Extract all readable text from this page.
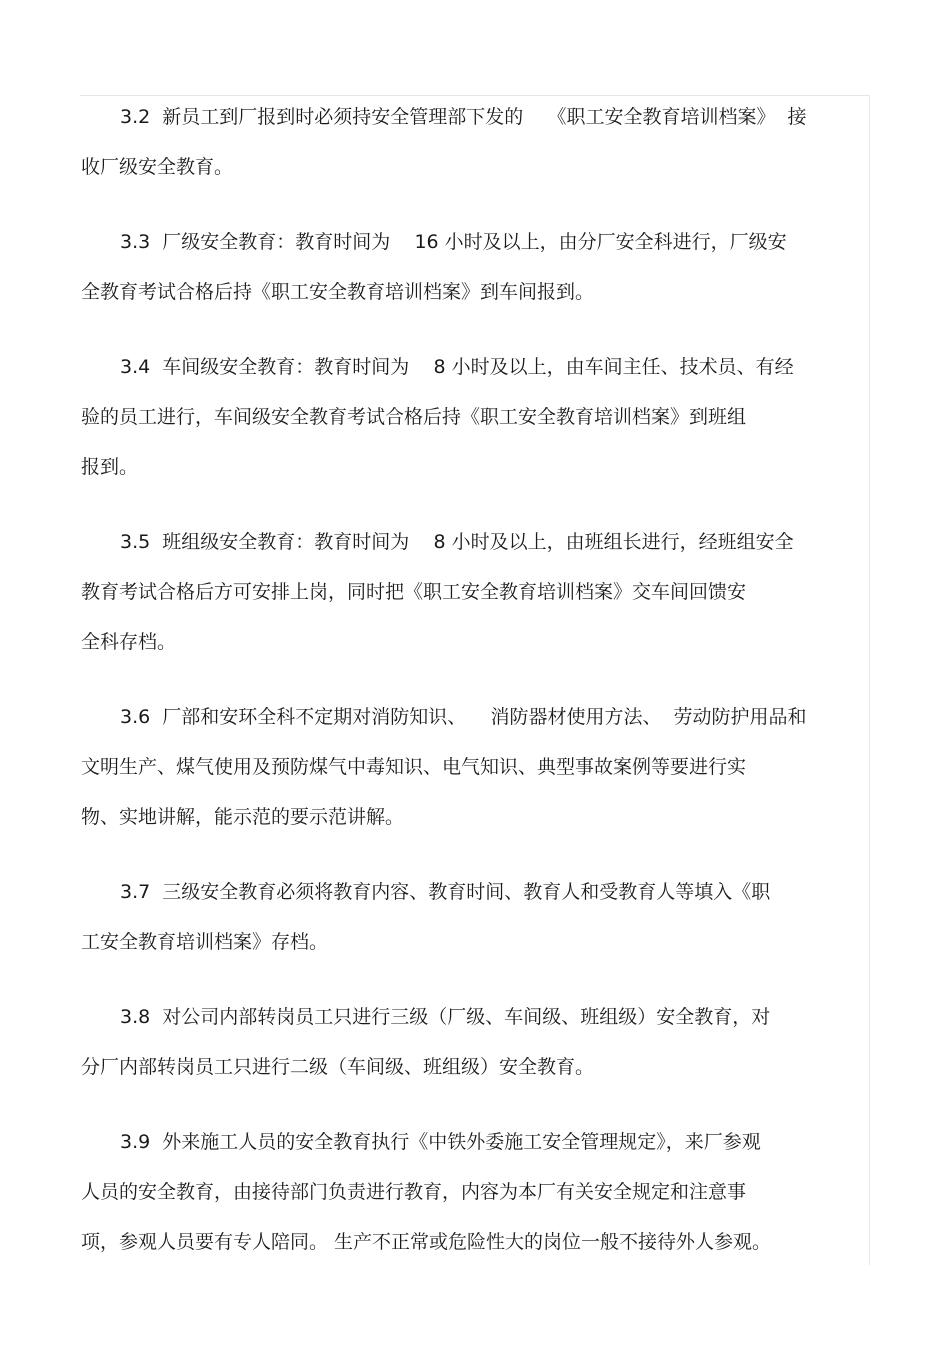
3.2  新员工到厂报到时必须持安全管理部下发的    《职工安全教育培训档案》  接
收厂级安全教育。
3.3  厂级安全教育：教育时间为    16 小时及以上，由分厂安全科进行，厂级安
全教育考试合格后持《职工安全教育培训档案》到车间报到。
3.4  车间级安全教育：教育时间为    8 小时及以上，由车间主任、技术员、有经
验的员工进行，车间级安全教育考试合格后持《职工安全教育培训档案》到班组
报到。
3.5  班组级安全教育：教育时间为    8 小时及以上，由班组长进行，经班组安全
教育考试合格后方可安排上岗，同时把《职工安全教育培训档案》交车间回馈安
全科存档。
3.6  厂部和安环全科不定期对消防知识、    消防器材使用方法、  劳动防护用品和
文明生产、煤气使用及预防煤气中毒知识、电气知识、典型事故案例等要进行实
物、实地讲解，能示范的要示范讲解。
3.7  三级安全教育必须将教育内容、教育时间、教育人和受教育人等填入《职
工安全教育培训档案》存档。
3.8  对公司内部转岗员工只进行三级（厂级、车间级、班组级）安全教育，对
分厂内部转岗员工只进行二级（车间级、班组级）安全教育。
3.9  外来施工人员的安全教育执行《中铁外委施工安全管理规定》，来厂参观
人员的安全教育，由接待部门负责进行教育，内容为本厂有关安全规定和注意事
项，参观人员要有专人陪同。 生产不正常或危险性大的岗位一般不接待外人参观。
